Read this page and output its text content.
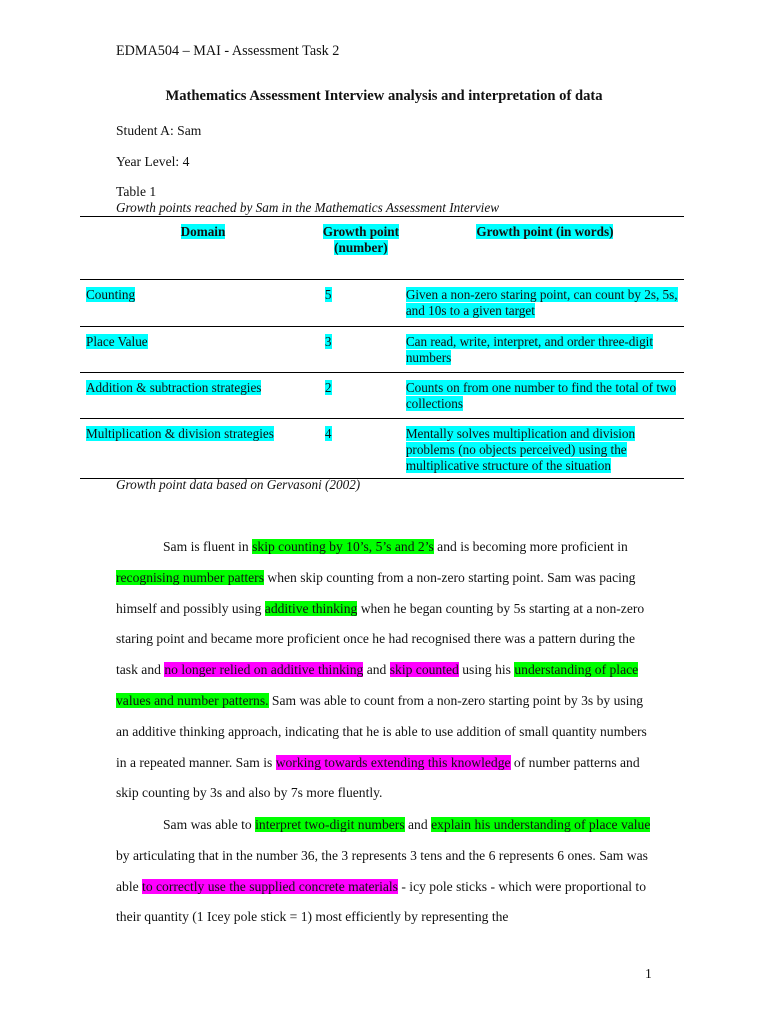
EDMA504 – MAI - Assessment Task 2
Mathematics Assessment Interview analysis and interpretation of data
Student A: Sam
Year Level: 4
Table 1
Growth points reached by Sam in the Mathematics Assessment Interview
Domain	Growth point (number)	Growth point (in words)
Counting	5	Given a non-zero staring point, can count by 2s, 5s, and 10s to a given target
Place Value	3	Can read, write, interpret, and order three-digit numbers
Addition & subtraction strategies	2	Counts on from one number to find the total of two collections
Multiplication & division strategies	4	Mentally solves multiplication and division problems (no objects perceived) using the multiplicative structure of the situation
Growth point data based on Gervasoni (2002)

Sam is fluent in skip counting by 10’s, 5’s and 2’s and is becoming more proficient in recognising number patters when skip counting from a non-zero starting point. Sam was pacing himself and possibly using additive thinking when he began counting by 5s starting at a non-zero staring point and became more proficient once he had recognised there was a pattern during the task and no longer relied on additive thinking and skip counted using his understanding of place values and number patterns. Sam was able to count from a non-zero starting point by 3s by using an additive thinking approach, indicating that he is able to use addition of small quantity numbers in a repeated manner. Sam is working towards extending this knowledge of number patterns and skip counting by 3s and also by 7s more fluently.

Sam was able to interpret two-digit numbers and explain his understanding of place value by articulating that in the number 36, the 3 represents 3 tens and the 6 represents 6 ones. Sam was able to correctly use the supplied concrete materials - icy pole sticks - which were proportional to their quantity (1 Icey pole stick = 1) most efficiently by representing the

1
